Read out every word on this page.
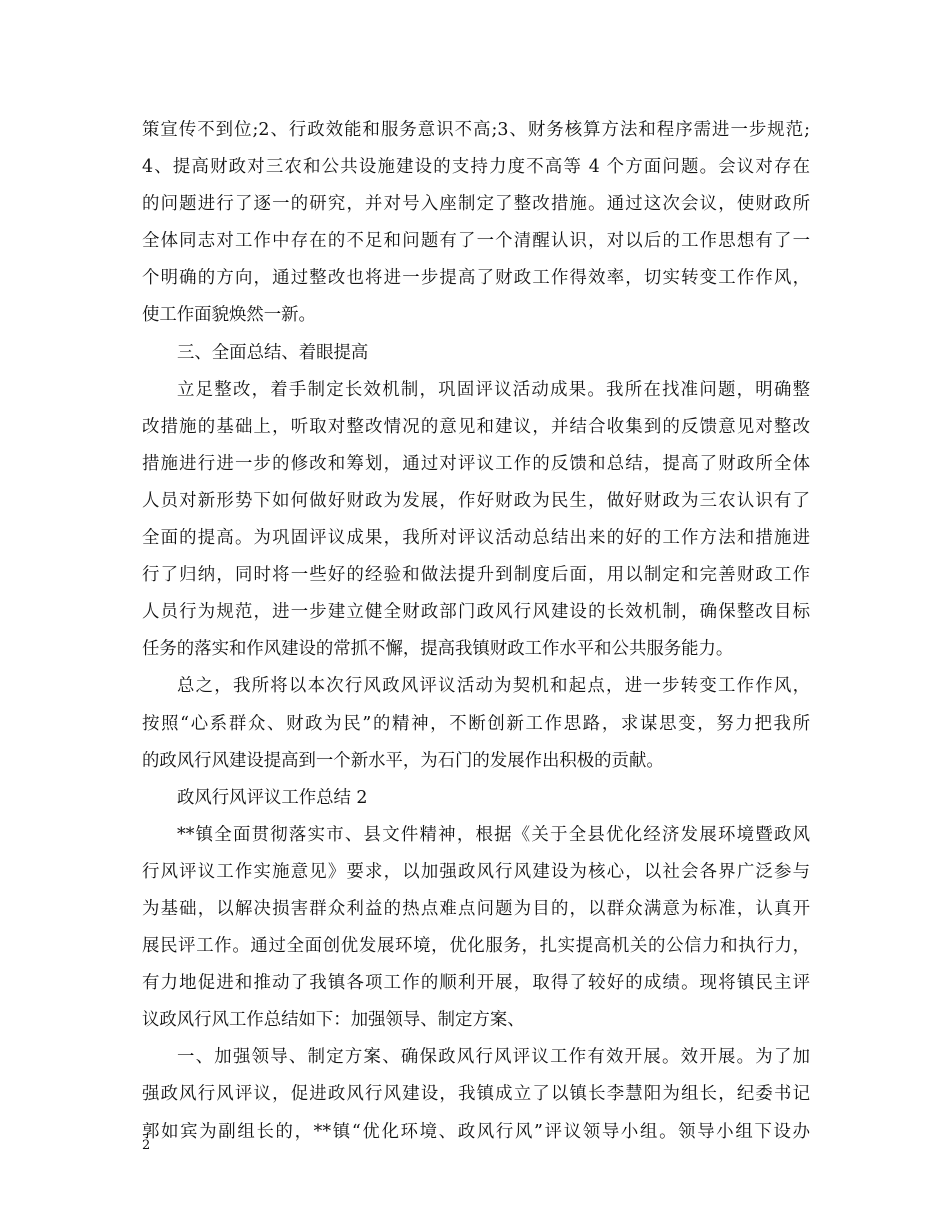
策宣传不到位;2、行政效能和服务意识不高;3、财务核算方法和程序需进一步规范;
4、提高财政对三农和公共设施建设的支持力度不高等 4 个方面问题。会议对存在
的问题进行了逐一的研究，并对号入座制定了整改措施。通过这次会议，使财政所
全体同志对工作中存在的不足和问题有了一个清醒认识，对以后的工作思想有了一
个明确的方向，通过整改也将进一步提高了财政工作得效率，切实转变工作作风，
使工作面貌焕然一新。
三、全面总结、着眼提高
立足整改，着手制定长效机制，巩固评议活动成果。我所在找准问题，明确整
改措施的基础上，听取对整改情况的意见和建议，并结合收集到的反馈意见对整改
措施进行进一步的修改和筹划，通过对评议工作的反馈和总结，提高了财政所全体
人员对新形势下如何做好财政为发展，作好财政为民生，做好财政为三农认识有了
全面的提高。为巩固评议成果，我所对评议活动总结出来的好的工作方法和措施进
行了归纳，同时将一些好的经验和做法提升到制度后面，用以制定和完善财政工作
人员行为规范，进一步建立健全财政部门政风行风建设的长效机制，确保整改目标
任务的落实和作风建设的常抓不懈，提高我镇财政工作水平和公共服务能力。
总之，我所将以本次行风政风评议活动为契机和起点，进一步转变工作作风，
按照“心系群众、财政为民”的精神，不断创新工作思路，求谋思变，努力把我所
的政风行风建设提高到一个新水平，为石门的发展作出积极的贡献。
政风行风评议工作总结 2
**镇全面贯彻落实市、县文件精神，根据《关于全县优化经济发展环境暨政风
行风评议工作实施意见》要求，以加强政风行风建设为核心，以社会各界广泛参与
为基础，以解决损害群众利益的热点难点问题为目的，以群众满意为标准，认真开
展民评工作。通过全面创优发展环境，优化服务，扎实提高机关的公信力和执行力，
有力地促进和推动了我镇各项工作的顺利开展，取得了较好的成绩。现将镇民主评
议政风行风工作总结如下：加强领导、制定方案、
一、加强领导、制定方案、确保政风行风评议工作有效开展。效开展。为了加
强政风行风评议，促进政风行风建设，我镇成立了以镇长李慧阳为组长，纪委书记
郭如宾为副组长的，**镇“优化环境、政风行风”评议领导小组。领导小组下设办
2
